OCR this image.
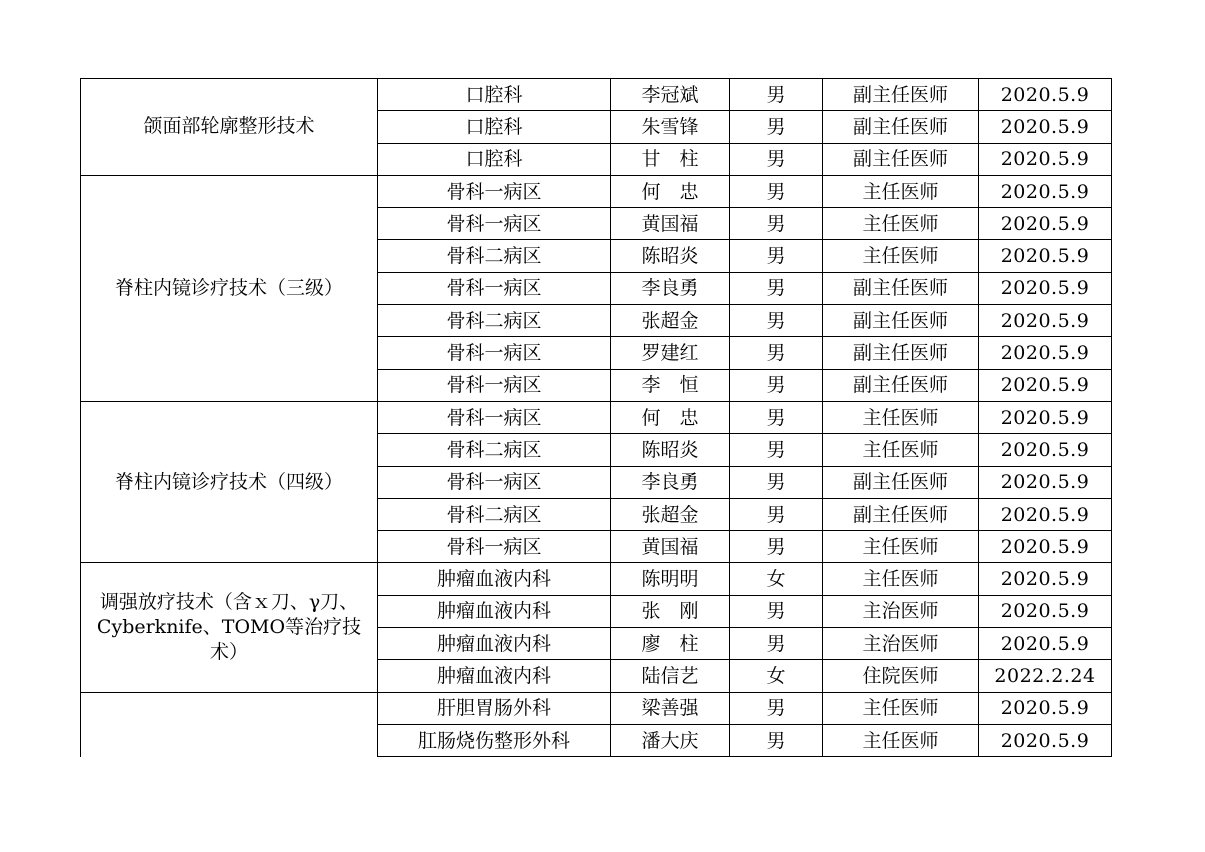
颌面部轮廓整形技术	口腔科	李冠斌	男	副主任医师	2020.5.9
	口腔科	朱雪锋	男	副主任医师	2020.5.9
	口腔科	甘　柱	男	副主任医师	2020.5.9
脊柱内镜诊疗技术（三级）	骨科一病区	何　忠	男	主任医师	2020.5.9
	骨科一病区	黄国福	男	主任医师	2020.5.9
	骨科二病区	陈昭炎	男	主任医师	2020.5.9
	骨科一病区	李良勇	男	副主任医师	2020.5.9
	骨科二病区	张超金	男	副主任医师	2020.5.9
	骨科一病区	罗建红	男	副主任医师	2020.5.9
	骨科一病区	李　恒	男	副主任医师	2020.5.9
脊柱内镜诊疗技术（四级）	骨科一病区	何　忠	男	主任医师	2020.5.9
	骨科二病区	陈昭炎	男	主任医师	2020.5.9
	骨科一病区	李良勇	男	副主任医师	2020.5.9
	骨科二病区	张超金	男	副主任医师	2020.5.9
	骨科一病区	黄国福	男	主任医师	2020.5.9
调强放疗技术（含ｘ刀、γ刀、Cyberknife、TOMO等治疗技术）	肿瘤血液内科	陈明明	女	主任医师	2020.5.9
	肿瘤血液内科	张　刚	男	主治医师	2020.5.9
	肿瘤血液内科	廖　柱	男	主治医师	2020.5.9
	肿瘤血液内科	陆信艺	女	住院医师	2022.2.24
	肝胆胃肠外科	梁善强	男	主任医师	2020.5.9
	肛肠烧伤整形外科	潘大庆	男	主任医师	2020.5.9
